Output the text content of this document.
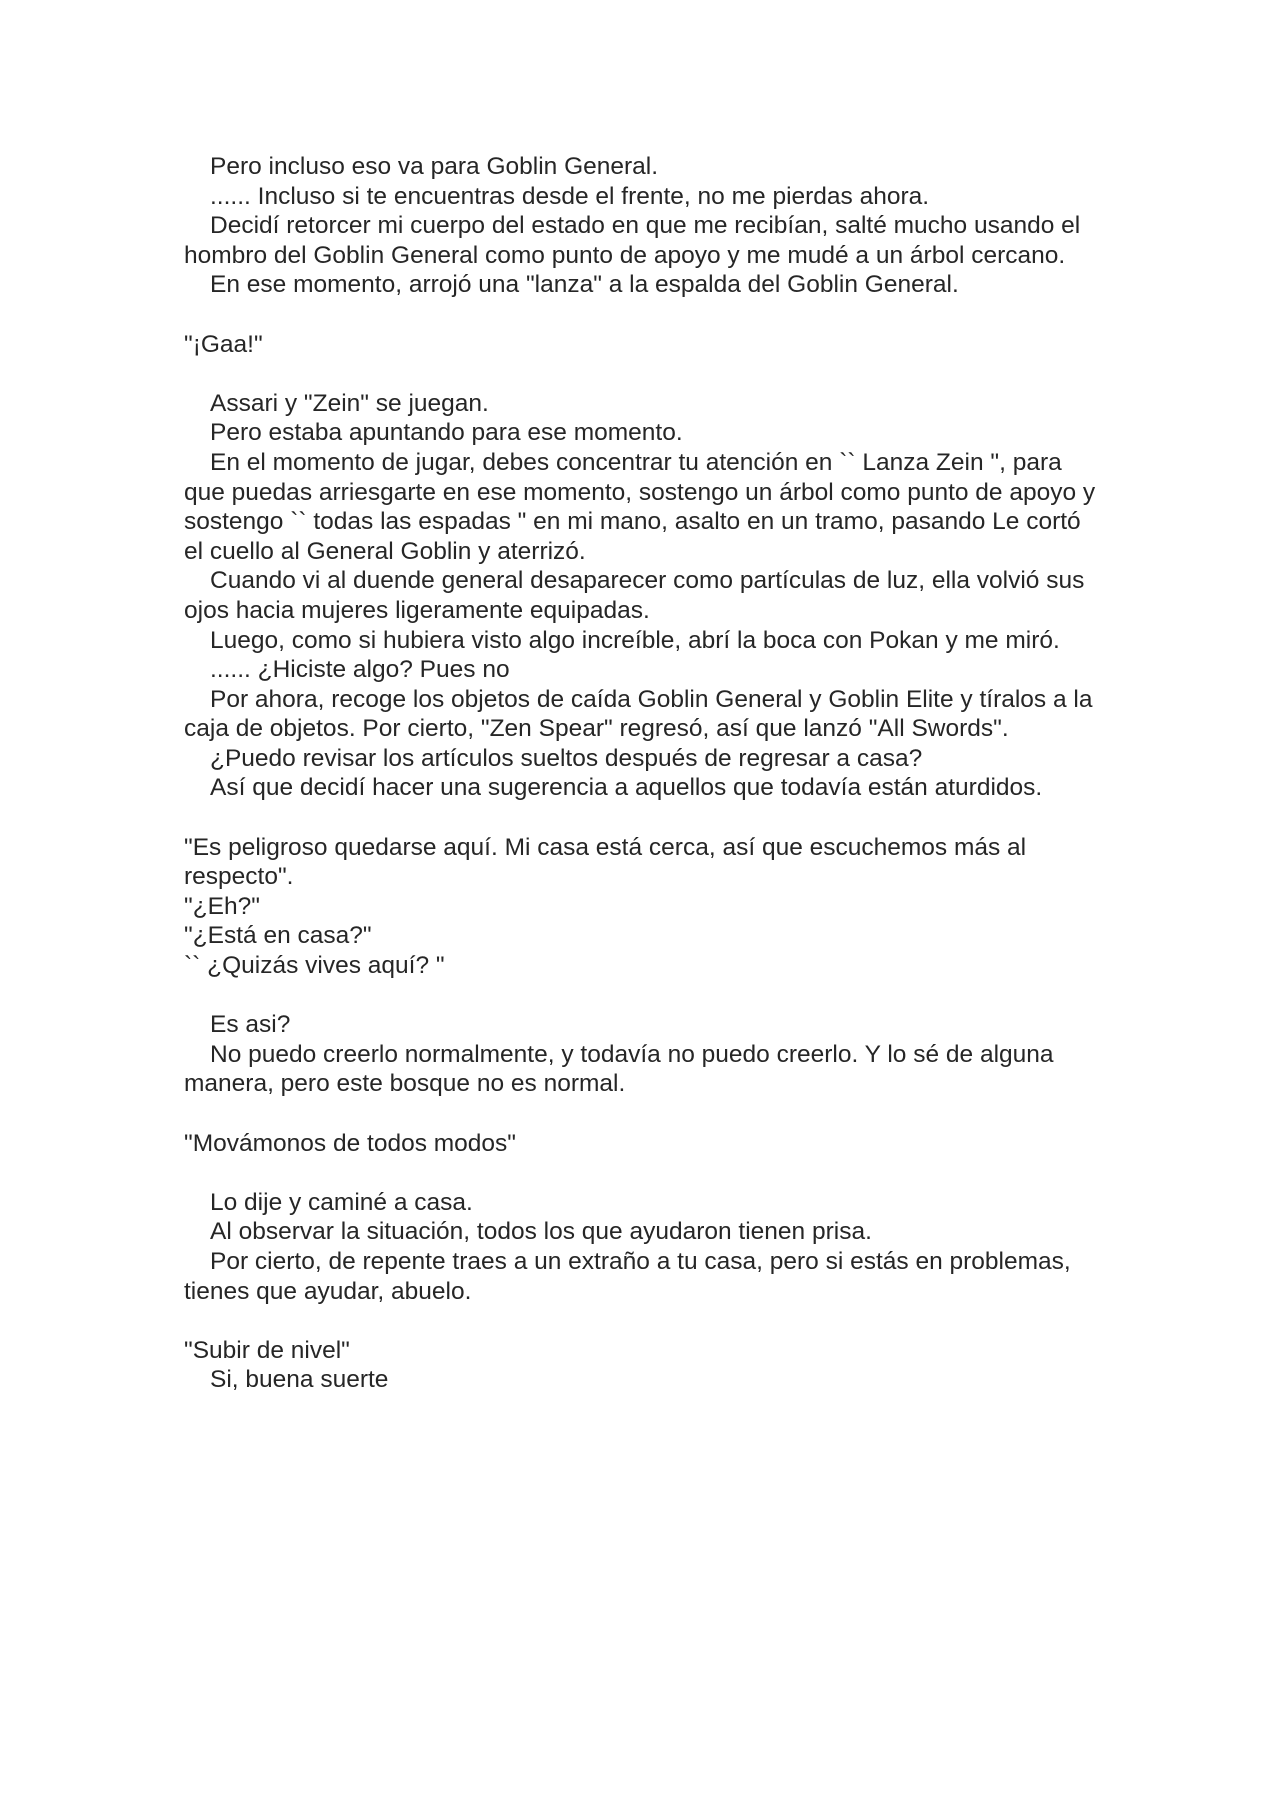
Pero incluso eso va para Goblin General.

...... Incluso si te encuentras desde el frente, no me pierdas ahora.

Decidí retorcer mi cuerpo del estado en que me recibían, salté mucho usando el hombro del Goblin General como punto de apoyo y me mudé a un árbol cercano.

En ese momento, arrojó una "lanza" a la espalda del Goblin General.

"¡Gaa!"

Assari y "Zein" se juegan.

Pero estaba apuntando para ese momento.

En el momento de jugar, debes concentrar tu atención en `` Lanza Zein ", para que puedas arriesgarte en ese momento, sostengo un árbol como punto de apoyo y sostengo `` todas las espadas " en mi mano, asalto en un tramo, pasando Le cortó el cuello al General Goblin y aterrizó.

Cuando vi al duende general desaparecer como partículas de luz, ella volvió sus ojos hacia mujeres ligeramente equipadas.

Luego, como si hubiera visto algo increíble, abrí la boca con Pokan y me miró.

...... ¿Hiciste algo? Pues no

Por ahora, recoge los objetos de caída Goblin General y Goblin Elite y tíralos a la caja de objetos. Por cierto, "Zen Spear" regresó, así que lanzó "All Swords".

¿Puedo revisar los artículos sueltos después de regresar a casa?

Así que decidí hacer una sugerencia a aquellos que todavía están aturdidos.

"Es peligroso quedarse aquí. Mi casa está cerca, así que escuchemos más al respecto".

"¿Eh?"

"¿Está en casa?"

`` ¿Quizás vives aquí? "

Es asi?

No puedo creerlo normalmente, y todavía no puedo creerlo. Y lo sé de alguna manera, pero este bosque no es normal.

"Movámonos de todos modos"

Lo dije y caminé a casa.

Al observar la situación, todos los que ayudaron tienen prisa.

Por cierto, de repente traes a un extraño a tu casa, pero si estás en problemas, tienes que ayudar, abuelo.

"Subir de nivel"

Si, buena suerte
